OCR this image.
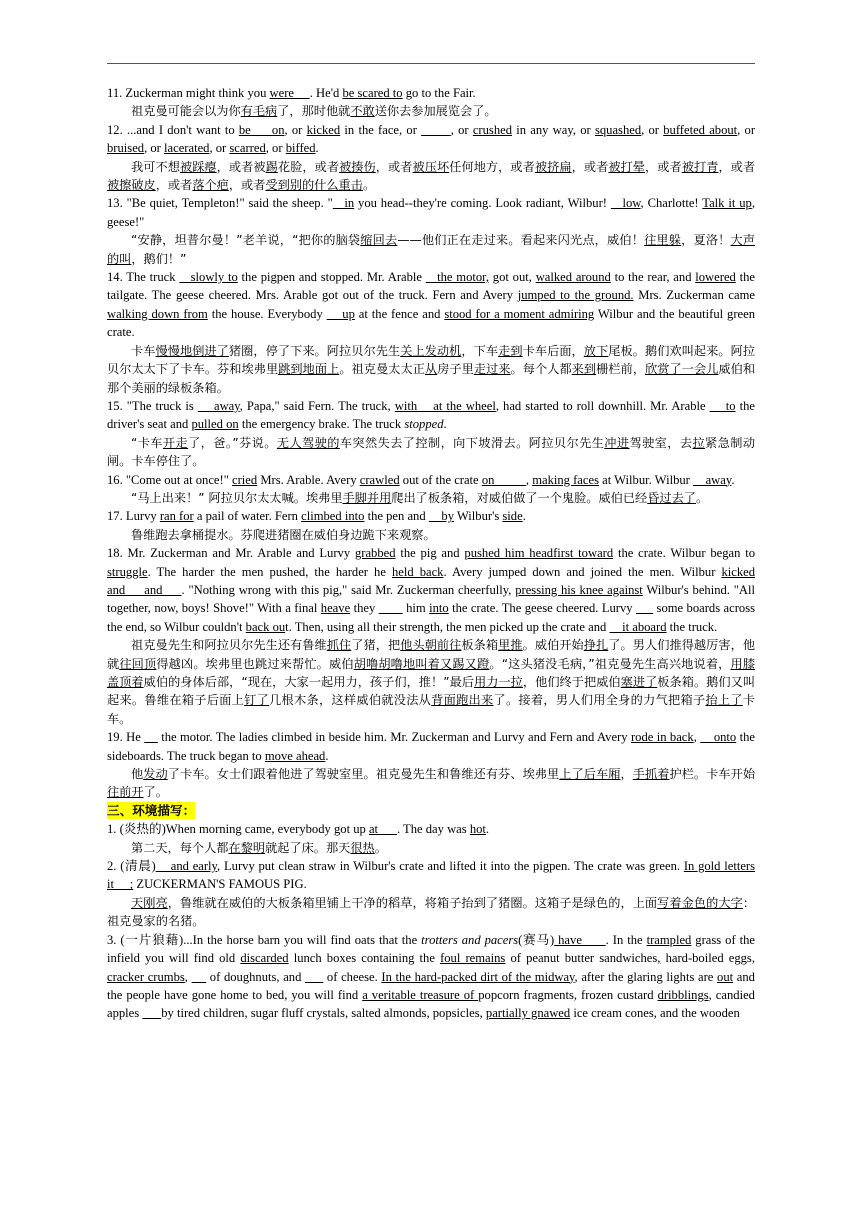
11. Zuckerman might think you were     . He'd be scared to go to the Fair.

祖克曼可能会以为你有毛病了，那时他就不敢送你去参加展览会了。

12. ...and I don't want to be     on, or kicked in the face, or        , or crushed in any way, or squashed, or buffeted about, or bruised, or lacerated, or scarred, or biffed.

我可不想被踩瘪，或者被踢花脸，或者被揍伤，或者被压坏任何地方，或者被挤扁，或者被打晕，或者被打青，或者被擦破皮，或者落个疤，或者受到别的什么重击。

13. "Be quiet, Templeton!" said the sheep. "   in you head--they're coming. Look radiant, Wilbur!    low, Charlotte! Talk it up, geese!"

“安静，坦普尔曼！”老羊说，“把你的脑袋缩回去——他们正在走过来。看起来闪光点，威伯！往里躲，夏洛！大声的叫，鹅们！”

14. The truck    slowly to the pigpen and stopped. Mr. Arable    the motor, got out, walked around to the rear, and lowered the tailgate. The geese cheered. Mrs. Arable got out of the truck. Fern and Avery jumped to the ground. Mrs. Zuckerman came walking down from the house. Everybody     up at the fence and stood for a moment admiring Wilbur and the beautiful green crate.

卡车慢慢地倒进了猪圈，停了下来。阿拉贝尔先生关上发动机，下车走到卡车后面，放下尾板。鹅们欢叫起来。阿拉贝尔太太下了卡车。芬和埃弗里跳到地面上。祖克曼太太正从房子里走过来。每个人都来到栅栏前，欣赏了一会儿威伯和那个美丽的绿板条箱。

15. "The truck is     away, Papa," said Fern. The truck, with    at the wheel, had started to roll downhill. Mr. Arable     to the driver's seat and pulled on the emergency brake. The truck stopped.

“卡车开走了，爸。”芬说。无人驾驶的车突然失去了控制，向下坡滑去。阿拉贝尔先生冲进驾驶室，去拉紧急制动闸。卡车停住了。

16. "Come out at once!" cried Mrs. Arable. Avery crawled out of the crate on          , making faces at Wilbur. Wilbur     away.

“马上出来！” 阿拉贝尔太太喊。埃弗里手脚并用爬出了板条箱，对威伯做了一个鬼脸。威伯已经昏过去了。

17. Lurvy ran for a pail of water. Fern climbed into the pen and     by Wilbur's side.

鲁维跑去拿桶提水。芬爬进猪圈在威伯身边跪下来观察。

18. Mr. Zuckerman and Mr. Arable and Lurvy grabbed the pig and pushed him headfirst toward the crate. Wilbur began to struggle. The harder the men pushed, the harder he held back. Avery jumped down and joined the men. Wilbur kicked and     and     . "Nothing wrong with this pig," said Mr. Zuckerman cheerfully, pressing his knee against Wilbur's behind. "All together, now, boys! Shove!" With a final heave they         him into the crate. The geese cheered. Lurvy       some boards across the end, so Wilbur couldn't back out. Then, using all their strength, the men picked up the crate and     it aboard the truck.

祖克曼先生和阿拉贝尔先生还有鲁维抓住了猪，把他头朝前往板条箱里推。威伯开始挣扎了。男人们推得越厉害，他就往回顶得越凶。埃弗里也跳过来帮忙。威伯胡噜胡噜地叫着又踢又蹬。“这头猪没毛病，”祖克曼先生高兴地说着，用膝盖顶着威伯的身体后部，“现在，大家一起用力，孩子们，推！”最后用力一拉，他们终于把威伯塞进了板条箱。鹅们又叫起来。鲁维在箱子后面上钉了几根木条，这样威伯就没法从背面跑出来了。接着，男人们用全身的力气把箱子抬上了卡车。

19. He      the motor. The ladies climbed in beside him. Mr. Zuckerman and Lurvy and Fern and Avery rode in back,     onto the sideboards. The truck began to move ahead.

他发动了卡车。女士们跟着他进了驾驶室里。祖克曼先生和鲁维还有芬、埃弗里上了后车厢，手抓着护栏。卡车开始往前开了。

三、环境描写：

1. (炎热的)When morning came, everybody got up at      . The day was hot.

第二天，每个人都在黎明就起了床。那天很热。

2. (清晨)    and early, Lurvy put clean straw in Wilbur's crate and lifted it into the pigpen. The crate was green. In gold letters it     ; ZUCKERMAN'S FAMOUS PIG.

天刚亮，鲁维就在威伯的大板条箱里铺上干净的稻草，将箱子抬到了猪圈。这箱子是绿色的，上面写着金色的大字：祖克曼家的名猪。

3. (一片狼藉)...In the horse barn you will find oats that the trotters and pacers(赛马) have      . In the trampled grass of the infield you will find old discarded lunch boxes containing the foul remains of peanut butter sandwiches, hard-boiled eggs, cracker crumbs,      of doughnuts, and       of cheese. In the hard-packed dirt of the midway, after the glaring lights are out and the people have gone home to bed, you will find a veritable treasure of popcorn fragments, frozen custard dribblings, candied apples       by tired children, sugar fluff crystals, salted almonds, popsicles, partially gnawed ice cream cones, and the wooden
